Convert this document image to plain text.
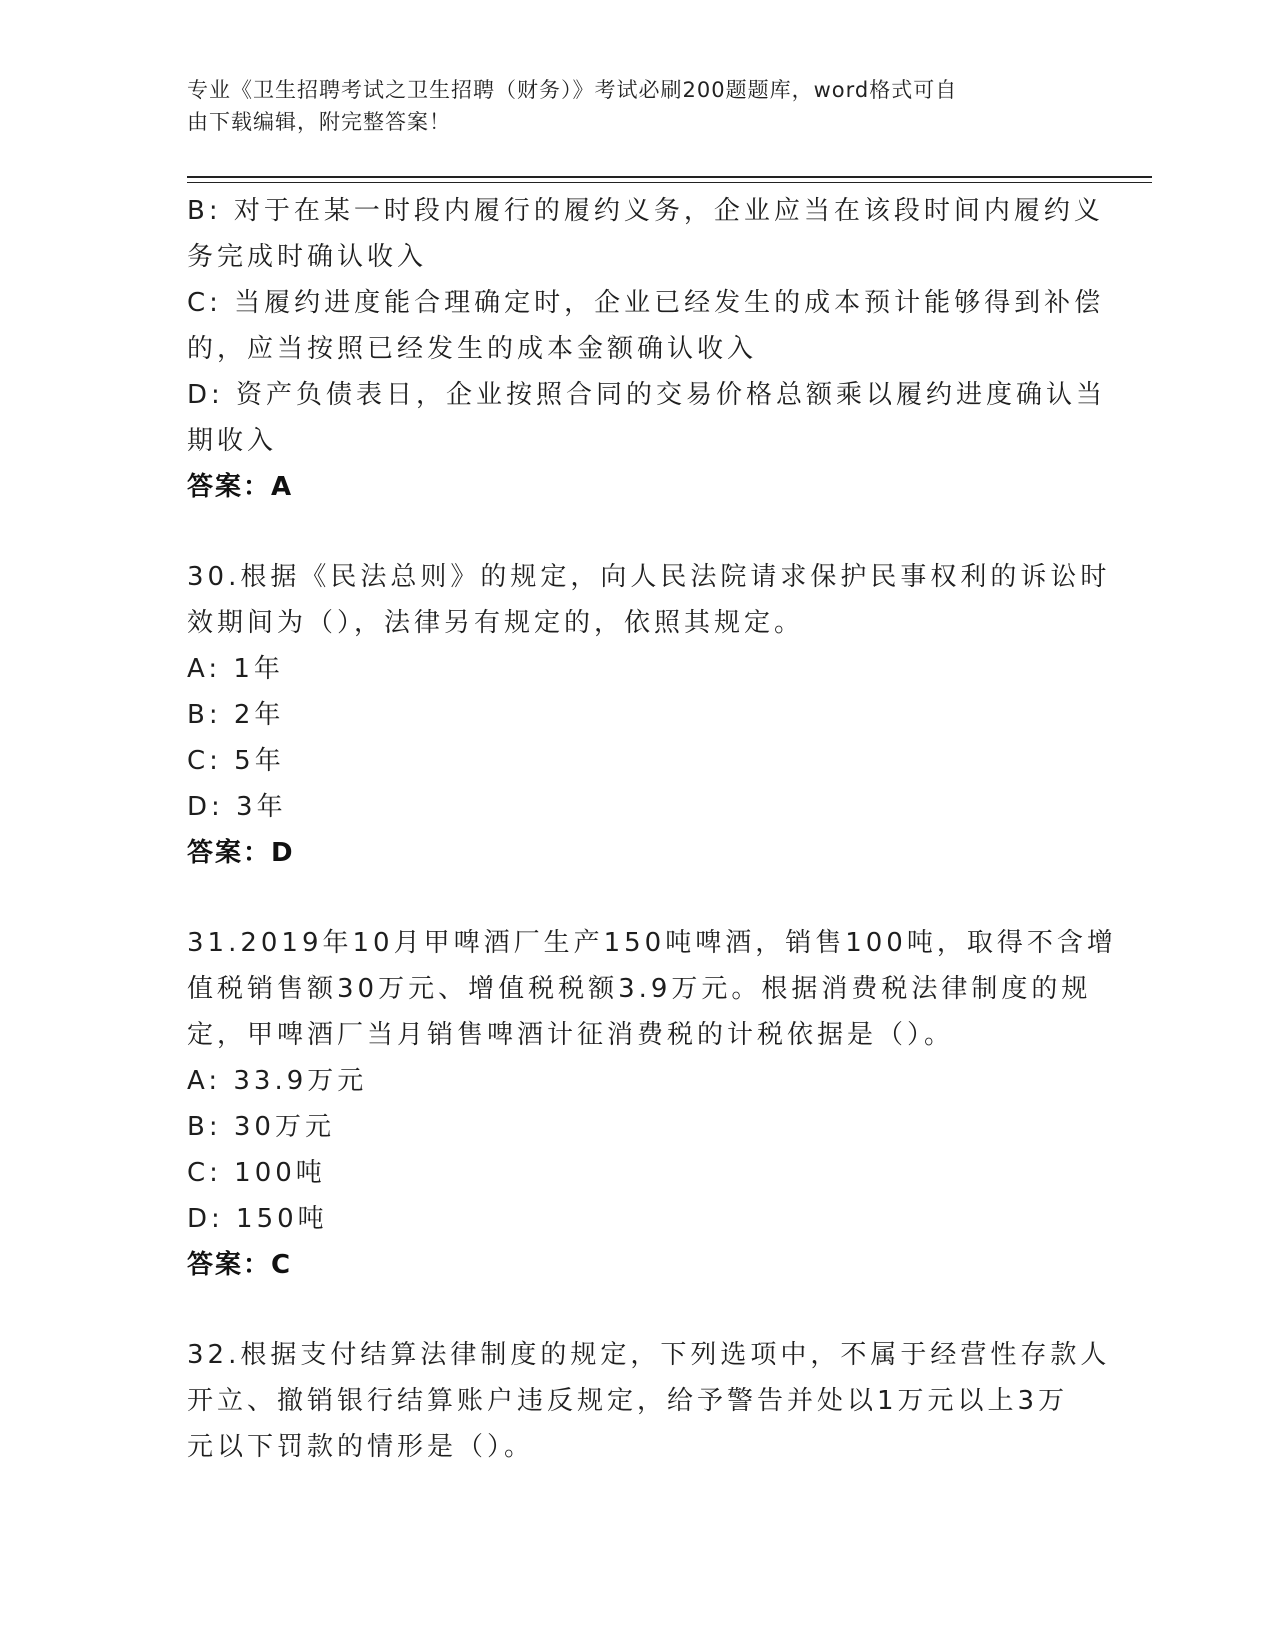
专业《卫生招聘考试之卫生招聘（财务）》考试必刷200题题库，word格式可自
由下载编辑，附完整答案！
B: 对于在某一时段内履行的履约义务，企业应当在该段时间内履约义
务完成时确认收入
C: 当履约进度能合理确定时，企业已经发生的成本预计能够得到补偿
的，应当按照已经发生的成本金额确认收入
D: 资产负债表日，企业按照合同的交易价格总额乘以履约进度确认当
期收入
答案：A
30.根据《民法总则》的规定，向人民法院请求保护民事权利的诉讼时
效期间为（），法律另有规定的，依照其规定。
A: 1年
B: 2年
C: 5年
D: 3年
答案：D
31.2019年10月甲啤酒厂生产150吨啤酒，销售100吨，取得不含增
值税销售额30万元、增值税税额3.9万元。根据消费税法律制度的规
定，甲啤酒厂当月销售啤酒计征消费税的计税依据是（）。
A: 33.9万元
B: 30万元
C: 100吨
D: 150吨
答案：C
32.根据支付结算法律制度的规定，下列选项中，不属于经营性存款人
开立、撤销银行结算账户违反规定，给予警告并处以1万元以上3万
元以下罚款的情形是（）。
